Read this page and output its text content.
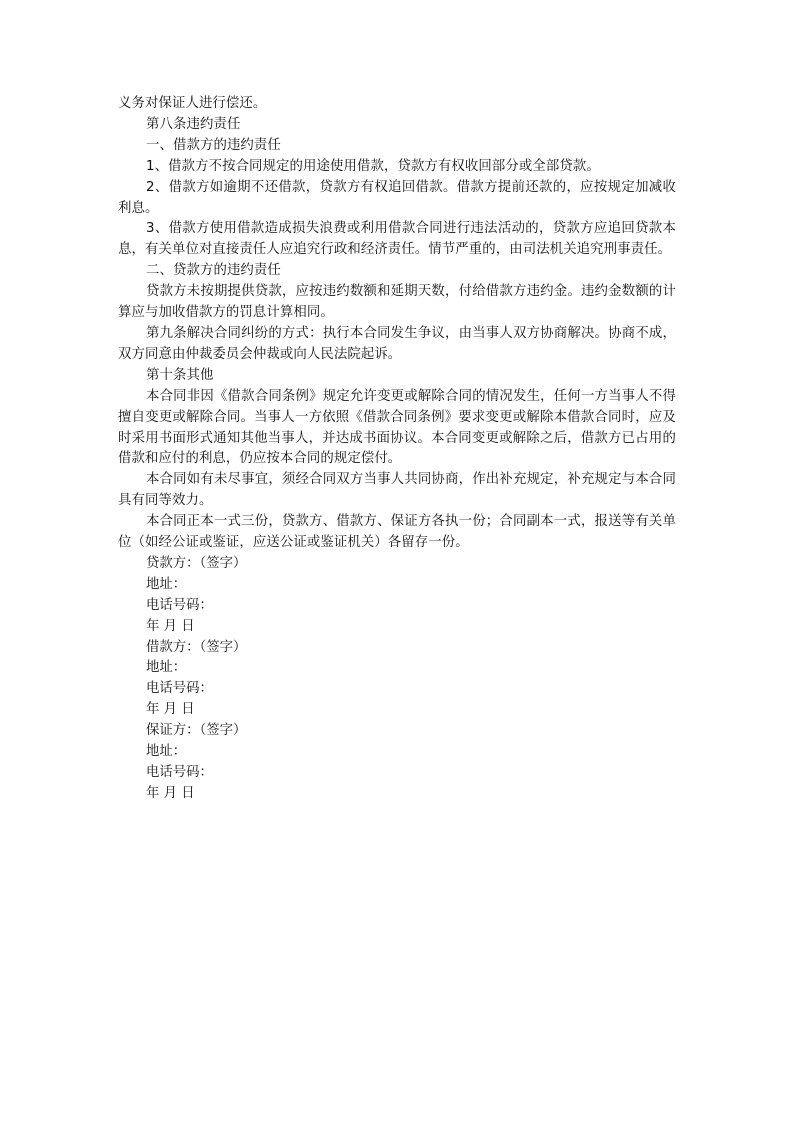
义务对保证人进行偿还。

第八条违约责任

一、借款方的违约责任

1、借款方不按合同规定的用途使用借款，贷款方有权收回部分或全部贷款。

2、借款方如逾期不还借款，贷款方有权追回借款。借款方提前还款的，应按规定加减收利息。

3、借款方使用借款造成损失浪费或利用借款合同进行违法活动的，贷款方应追回贷款本息，有关单位对直接责任人应追究行政和经济责任。情节严重的，由司法机关追究刑事责任。

二、贷款方的违约责任

贷款方未按期提供贷款，应按违约数额和延期天数，付给借款方违约金。违约金数额的计算应与加收借款方的罚息计算相同。

第九条解决合同纠纷的方式：执行本合同发生争议，由当事人双方协商解决。协商不成，双方同意由仲裁委员会仲裁或向人民法院起诉。

第十条其他

本合同非因《借款合同条例》规定允许变更或解除合同的情况发生，任何一方当事人不得擅自变更或解除合同。当事人一方依照《借款合同条例》要求变更或解除本借款合同时，应及时采用书面形式通知其他当事人，并达成书面协议。本合同变更或解除之后，借款方已占用的借款和应付的利息，仍应按本合同的规定偿付。

本合同如有未尽事宜，须经合同双方当事人共同协商，作出补充规定，补充规定与本合同具有同等效力。

本合同正本一式三份，贷款方、借款方、保证方各执一份；合同副本一式，报送等有关单位（如经公证或鉴证，应送公证或鉴证机关）各留存一份。

贷款方：（签字）

地址：

电话号码：

年 月 日

借款方：（签字）

地址：

电话号码：

年 月 日

保证方：（签字）

地址：

电话号码：

年 月 日
